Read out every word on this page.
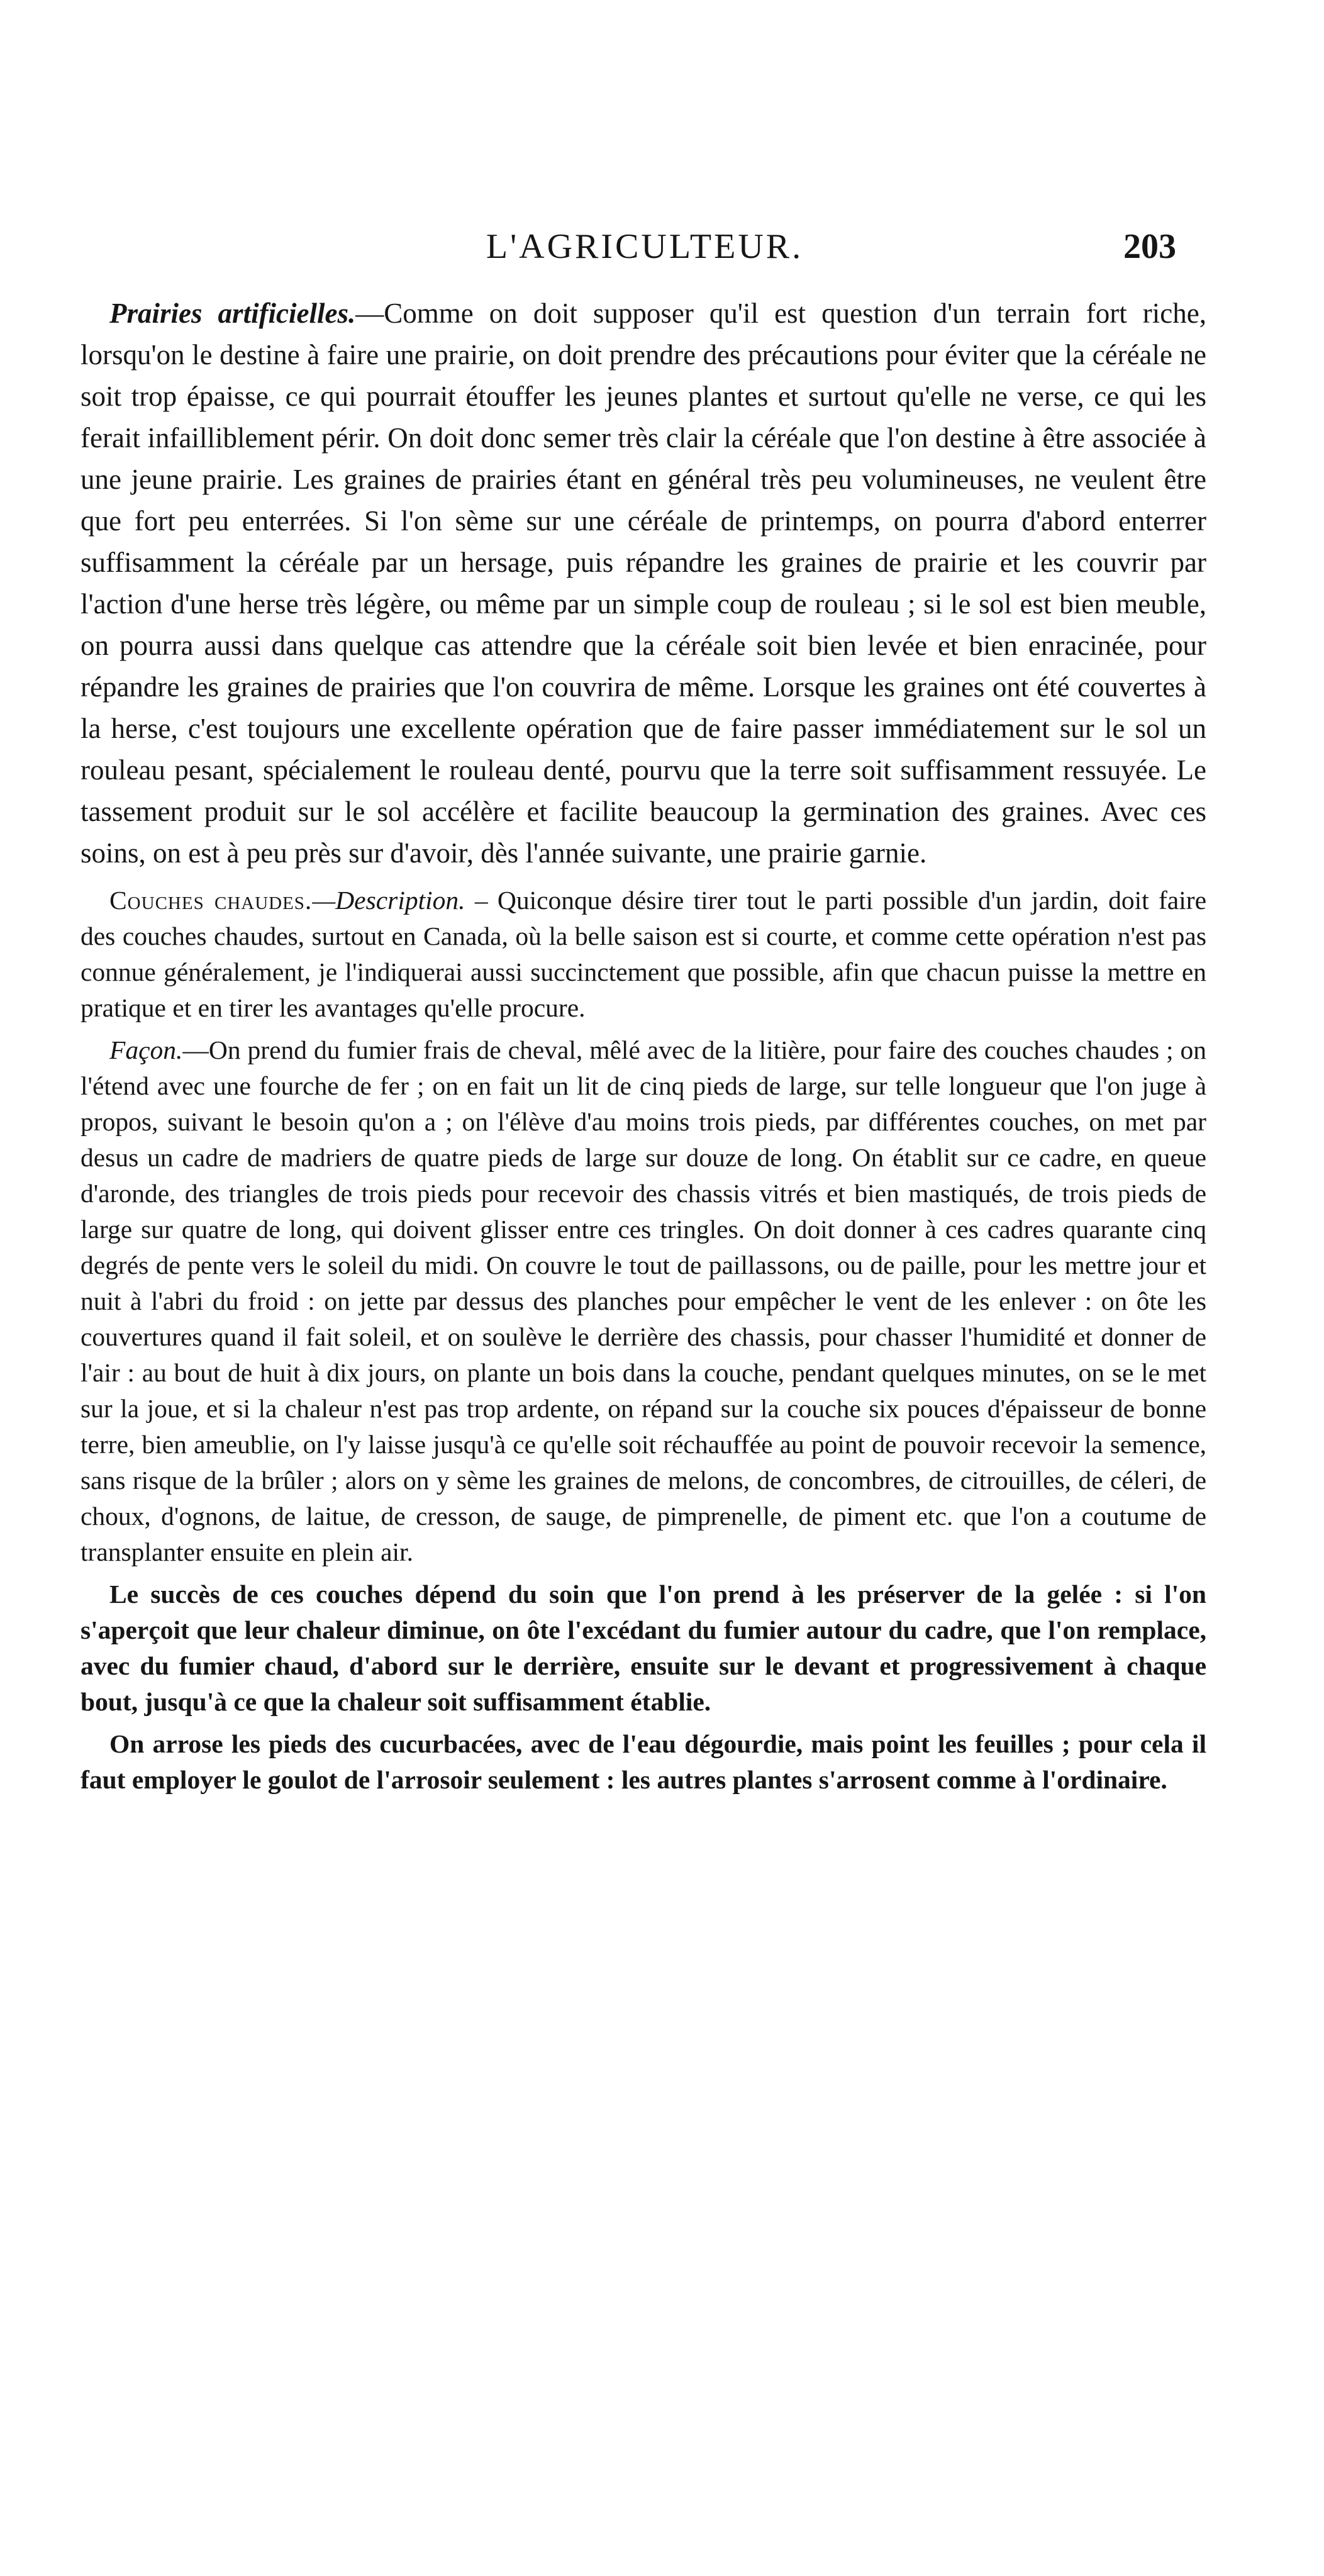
L'AGRICULTEUR.	203

Prairies artificielles.—Comme on doit supposer qu'il est question d'un terrain fort riche, lorsqu'on le destine à faire une prairie, on doit prendre des précautions pour éviter que la céréale ne soit trop épaisse, ce qui pourrait étouffer les jeunes plantes et surtout qu'elle ne verse, ce qui les ferait infailliblement périr. On doit donc semer très clair la céréale que l'on destine à être associée à une jeune prairie. Les graines de prairies étant en général très peu volumineuses, ne veulent être que fort peu enterrées. Si l'on sème sur une céréale de printemps, on pourra d'abord enterrer suffisamment la céréale par un hersage, puis répandre les graines de prairie et les couvrir par l'action d'une herse très légère, ou même par un simple coup de rouleau ; si le sol est bien meuble, on pourra aussi dans quelque cas attendre que la céréale soit bien levée et bien enracinée, pour répandre les graines de prairies que l'on couvrira de même. Lorsque les graines ont été couvertes à la herse, c'est toujours une excellente opération que de faire passer immédiatement sur le sol un rouleau pesant, spécialement le rouleau denté, pourvu que la terre soit suffisamment ressuyée. Le tassement produit sur le sol accélère et facilite beaucoup la germination des graines. Avec ces soins, on est à peu près sur d'avoir, dès l'année suivante, une prairie garnie.

Couches chaudes.—Description. – Quiconque désire tirer tout le parti possible d'un jardin, doit faire des couches chaudes, surtout en Canada, où la belle saison est si courte, et comme cette opération n'est pas connue généralement, je l'indiquerai aussi succinctement que possible, afin que chacun puisse la mettre en pratique et en tirer les avantages qu'elle procure.

Façon.—On prend du fumier frais de cheval, mêlé avec de la litière, pour faire des couches chaudes ; on l'étend avec une fourche de fer ; on en fait un lit de cinq pieds de large, sur telle longueur que l'on juge à propos, suivant le besoin qu'on a ; on l'élève d'au moins trois pieds, par différentes couches, on met par desus un cadre de madriers de quatre pieds de large sur douze de long. On établit sur ce cadre, en queue d'aronde, des triangles de trois pieds pour recevoir des chassis vitrés et bien mastiqués, de trois pieds de large sur quatre de long, qui doivent glisser entre ces tringles. On doit donner à ces cadres quarante cinq degrés de pente vers le soleil du midi. On couvre le tout de paillassons, ou de paille, pour les mettre jour et nuit à l'abri du froid : on jette par dessus des planches pour empêcher le vent de les enlever : on ôte les couvertures quand il fait soleil, et on soulève le derrière des chassis, pour chasser l'humidité et donner de l'air : au bout de huit à dix jours, on plante un bois dans la couche, pendant quelques minutes, on se le met sur la joue, et si la chaleur n'est pas trop ardente, on répand sur la couche six pouces d'épaisseur de bonne terre, bien ameublie, on l'y laisse jusqu'à ce qu'elle soit réchauffée au point de pouvoir recevoir la semence, sans risque de la brûler ; alors on y sème les graines de melons, de concombres, de citrouilles, de céleri, de choux, d'ognons, de laitue, de cresson, de sauge, de pimprenelle, de piment etc. que l'on a coutume de transplanter ensuite en plein air.

Le succès de ces couches dépend du soin que l'on prend à les préserver de la gelée : si l'on s'aperçoit que leur chaleur diminue, on ôte l'excédant du fumier autour du cadre, que l'on remplace, avec du fumier chaud, d'abord sur le derrière, ensuite sur le devant et progressivement à chaque bout, jusqu'à ce que la chaleur soit suffisamment établie.

On arrose les pieds des cucurbacées, avec de l'eau dégourdie, mais point les feuilles ; pour cela il faut employer le goulot de l'arrosoir seulement : les autres plantes s'arrosent comme à l'ordinaire.
